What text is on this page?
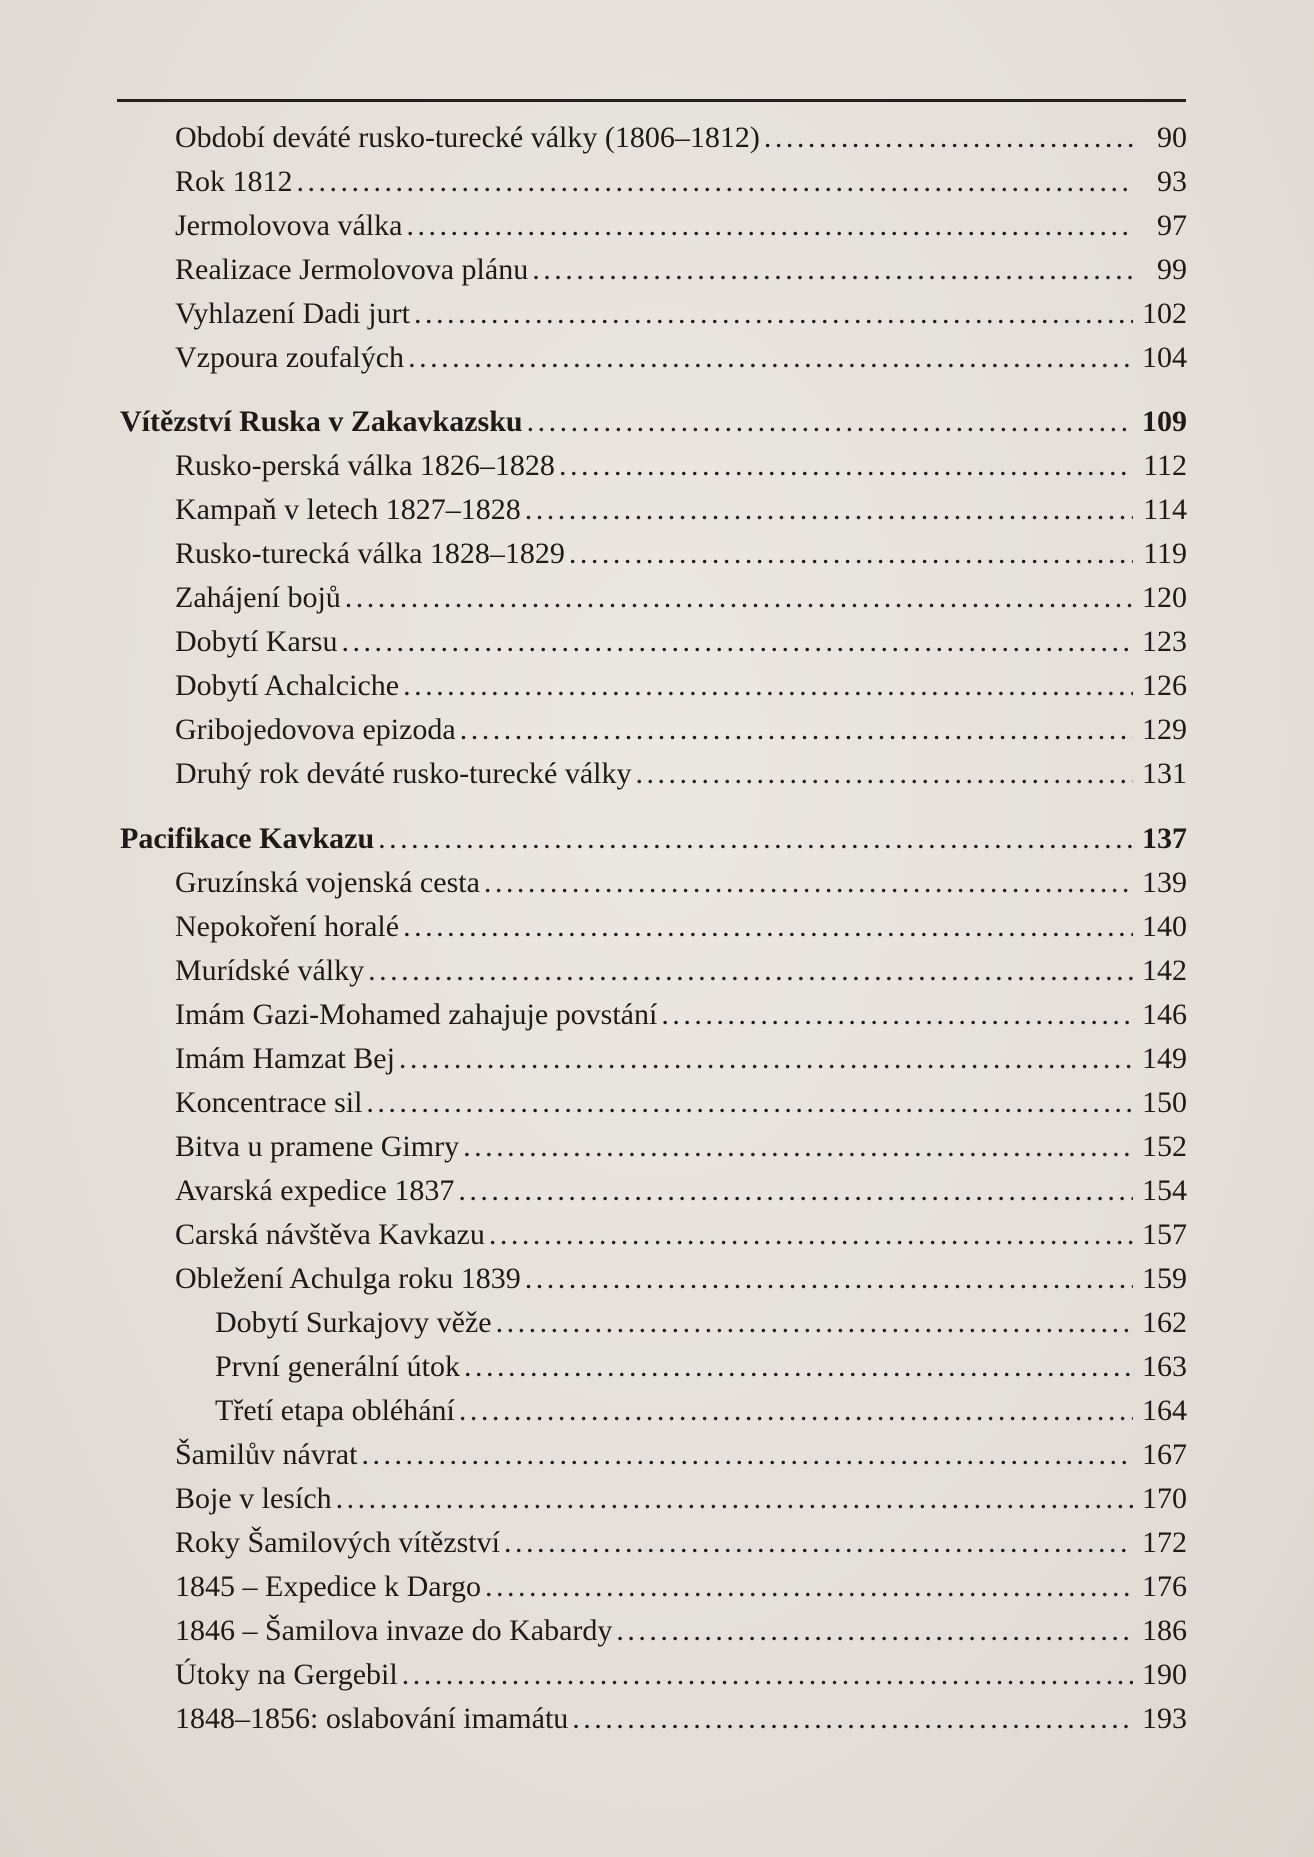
Období deváté rusko-turecké války (1806–1812) . . .	90
Rok 1812 . . .	93
Jermolovova válka . . .	97
Realizace Jermolovova plánu . . .	99
Vyhlazení Dadi jurt . . .	102
Vzpoura zoufalých . . .	104
Vítězství Ruska v Zakavkazsku . . .	109
Rusko-perská válka 1826–1828 . . .	112
Kampaň v letech 1827–1828 . . .	114
Rusko-turecká válka 1828–1829 . . .	119
Zahájení bojů . . .	120
Dobytí Karsu . . .	123
Dobytí Achalciche . . .	126
Gribojedovova epizoda . . .	129
Druhý rok deváté rusko-turecké války . . .	131
Pacifikace Kavkazu . . .	137
Gruzínská vojenská cesta . . .	139
Nepokoření horalé . . .	140
Murídské války . . .	142
Imám Gazi-Mohamed zahajuje povstání . . .	146
Imám Hamzat Bej . . .	149
Koncentrace sil . . .	150
Bitva u pramene Gimry . . .	152
Avarská expedice 1837 . . .	154
Carská návštěva Kavkazu . . .	157
Obležení Achulga roku 1839 . . .	159
Dobytí Surkajovy věže . . .	162
První generální útok . . .	163
Třetí etapa obléhání . . .	164
Šamilův návrat . . .	167
Boje v lesích . . .	170
Roky Šamilových vítězství . . .	172
1845 – Expedice k Dargo . . .	176
1846 – Šamilova invaze do Kabardy . . .	186
Útoky na Gergebil . . .	190
1848–1856: oslabování imamátu . . .	193
